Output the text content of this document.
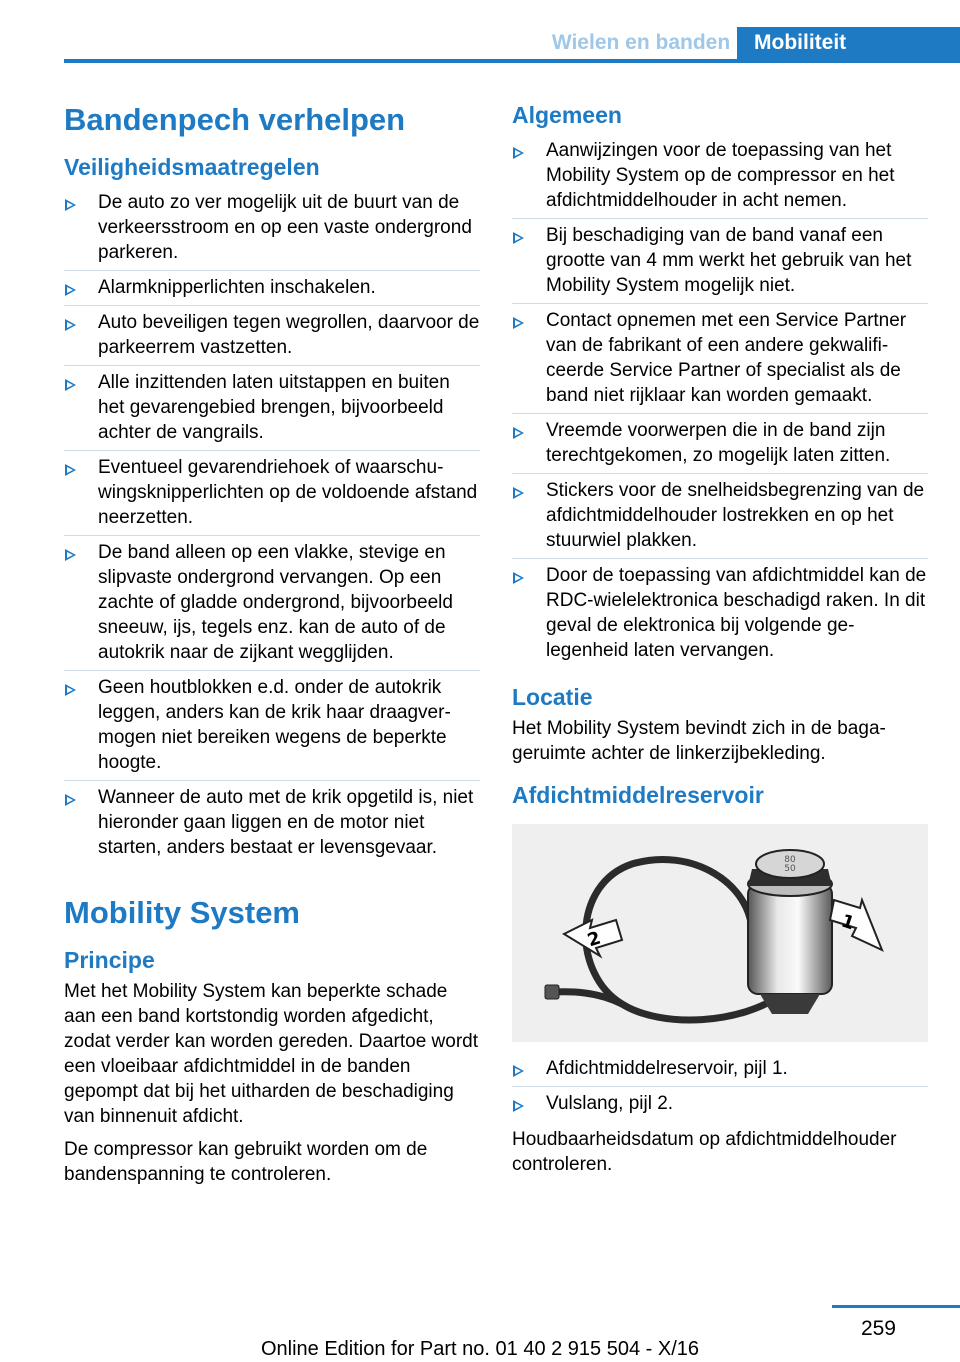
Wielen en banden	Mobiliteit
Bandenpech verhelpen
Veiligheidsmaatregelen
De auto zo ver mogelijk uit de buurt van de verkeersstroom en op een vaste ondergrond parkeren.
Alarmknipperlichten inschakelen.
Auto beveiligen tegen wegrollen, daarvoor de parkeerrem vastzetten.
Alle inzittenden laten uitstappen en buiten het gevarengebied brengen, bijvoorbeeld achter de vangrails.
Eventueel gevarendriehoek of waarschuwingsknipperlichten op de voldoende afstand neerzetten.
De band alleen op een vlakke, stevige en slipvaste ondergrond vervangen. Op een zachte of gladde ondergrond, bijvoorbeeld sneeuw, ijs, tegels enz. kan de auto of de autokrik naar de zijkant wegglijden.
Geen houtblokken e.d. onder de autokrik leggen, anders kan de krik haar draagvermogen niet bereiken wegens de beperkte hoogte.
Wanneer de auto met de krik opgetild is, niet hieronder gaan liggen en de motor niet starten, anders bestaat er levensgevaar.
Mobility System
Principe

Met het Mobility System kan beperkte schade aan een band kortstondig worden afgedicht, zodat verder kan worden gereden. Daartoe wordt een vloeibaar afdichtmiddel in de banden gepompt dat bij het uitharden de beschadiging van binnenuit afdicht.

De compressor kan gebruikt worden om de bandenspanning te controleren.

Algemeen
Aanwijzingen voor de toepassing van het Mobility System op de compressor en het afdichtmiddelhouder in acht nemen.
Bij beschadiging van de band vanaf een grootte van 4 mm werkt het gebruik van het Mobility System mogelijk niet.
Contact opnemen met een Service Partner van de fabrikant of een andere gekwalificeerde Service Partner of specialist als de band niet rijklaar kan worden gemaakt.
Vreemde voorwerpen die in de band zijn terechtgekomen, zo mogelijk laten zitten.
Stickers voor de snelheidsbegrenzing van de afdichtmiddelhouder lostrekken en op het stuurwiel plakken.
Door de toepassing van afdichtmiddel kan de RDC-wielelektronica beschadigd raken. In dit geval de elektronica bij volgende gelegenheid laten vervangen.
Locatie

Het Mobility System bevindt zich in de bagageruimte achter de linkerzijbekleding.

Afdichtmiddelreservoir
80
50
2
1
Afdichtmiddelreservoir, pijl 1.
Vulslang, pijl 2.

Houdbaarheidsdatum op afdichtmiddelhouder controleren.

259
Online Edition for Part no. 01 40 2 915 504 - X/16
